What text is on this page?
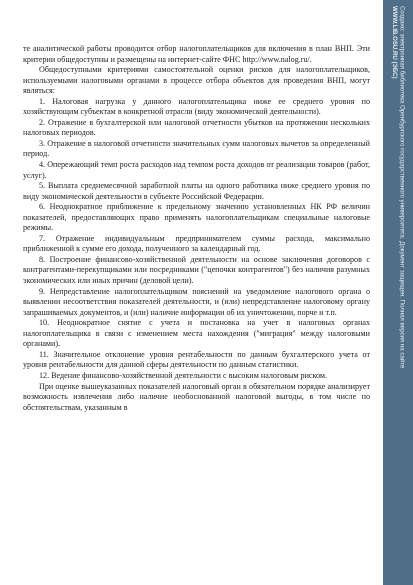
те аналитической работы проводится отбор налогоплательщиков для включения в план ВНП. Эти критерии общедоступны и размещены на интернет-сайте ФНС http://www.nalog.ru/.

Общедоступными критериями самостоятельной оценки рисков для налогоплательщиков, используемыми налоговыми органами в процессе отбора объектов для проведения ВНП, могут являться:

1. Налоговая нагрузка у данного налогоплательщика ниже ее среднего уровня по хозяйствующим субъектам в конкретной отрасли (виду экономической деятельности).

2. Отражение в бухгалтерской или налоговой отчетности убытков на протяжении нескольких налоговых периодов.

3. Отражение в налоговой отчетности значительных сумм налоговых вычетов за определенный период.

4. Опережающий темп роста расходов над темпом роста доходов от реализации товаров (работ, услуг).

5. Выплата среднемесячной заработной платы на одного работника ниже среднего уровня по виду экономической деятельности в субъекте Российской Федерации.

6. Неоднократное приближение к предельному значению установленных НК РФ величин показателей, предоставляющих право применять налогоплательщикам специальные налоговые режимы.

7. Отражение индивидуальным предпринимателем суммы расхода, максимально приближенной к сумме его дохода, полученного за календарный год.

8. Построение финансово-хозяйственной деятельности на основе заключения договоров с контрагентами-перекупщиками или посредниками ("цепочки контрагентов") без наличия разумных экономических или иных причин (деловой цели).

9. Непредставление налогоплательщиком пояснений на уведомление налогового органа о выявлении несоответствия показателей деятельности, и (или) непредставление налоговому органу запрашиваемых документов, и (или) наличие информации об их уничтожении, порче и т.п.

10. Неоднократное снятие с учета и постановка на учет в налоговых органах налогоплательщика в связи с изменением места нахождения ("миграция" между налоговыми органами).

11. Значительное отклонение уровня рентабельности по данным бухгалтерского учета от уровня рентабельности для данной сферы деятельности по данным статистики.

12. Ведение финансово-хозяйственной деятельности с высоким налоговым риском.

При оценке вышеуказанных показателей налоговый орган в обязательном порядке анализирует возможность извлечения либо наличие необоснованной налоговой выгоды, в том числе по обстоятельствам, указанным в

Создано: электронная библиотека Оренбургского государственного университета. Документ защищен. Полная версия на сайте
WWW.LIB.OSU.RU (ЭБС)
